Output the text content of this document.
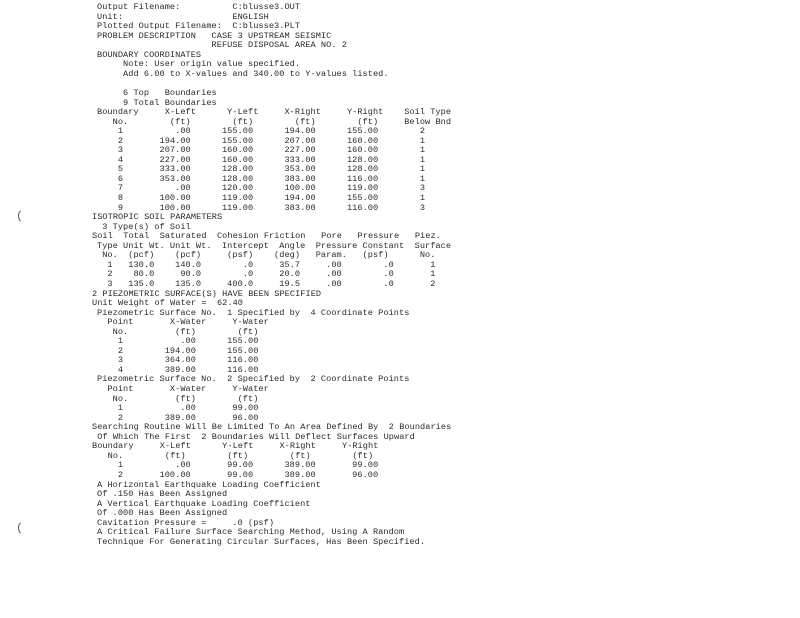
Output Filename:          C:blusse3.OUT
Unit:                     ENGLISH
Plotted Output Filename:  C:blusse3.PLT
PROBLEM DESCRIPTION   CASE 3 UPSTREAM SEISMIC
REFUSE DISPOSAL AREA NO. 2
BOUNDARY COORDINATES
Note: User origin value specified.
Add 6.00 to X-values and 340.00 to Y-values listed.
6 Top   Boundaries
9 Total Boundaries
Boundary     X-Left      Y-Left     X-Right     Y-Right    Soil Type
No.        (ft)        (ft)        (ft)        (ft)     Below Bnd
1          .00      155.00      194.00      155.00        2
2       194.00      155.00      207.00      160.00        1
3       207.00      160.00      227.00      160.00        1
4       227.00      160.00      333.00      128.00        1
5       333.00      128.00      353.00      128.00        1
6       353.00      128.00      383.00      116.00        1
7          .00      120.00      100.00      119.00        3
8       100.00      119.00      194.00      155.00        1
9       100.00      119.00      383.00      116.00        3
ISOTROPIC SOIL PARAMETERS
3 Type(s) of Soil
Soil  Total  Saturated  Cohesion Friction   Pore   Pressure   Piez.
Type Unit Wt. Unit Wt.  Intercept  Angle  Pressure Constant  Surface
No.  (pcf)    (pcf)     (psf)    (deg)   Param.   (psf)      No.
1   130.0    140.0        .0     35.7     .00        .0       1
2    80.0     90.0        .0     20.0     .00        .0       1
3   135.0    135.0     400.0     19.5     .00        .0       2
2 PIEZOMETRIC SURFACE(S) HAVE BEEN SPECIFIED
Unit Weight of Water =  62.40
Piezometric Surface No.  1 Specified by  4 Coordinate Points
Point       X-Water     Y-Water
No.         (ft)        (ft)
1           .00      155.00
2        194.00      155.00
3        364.00      116.00
4        389.00      116.00
Piezometric Surface No.  2 Specified by  2 Coordinate Points
Point       X-Water     Y-Water
No.         (ft)        (ft)
1           .00       99.00
2        389.00       96.00
Searching Routine Will Be Limited To An Area Defined By  2 Boundaries
Of Which The First  2 Boundaries Will Deflect Surfaces Upward
Boundary     X-Left      Y-Left     X-Right     Y-Right
No.        (ft)        (ft)        (ft)        (ft)
1          .00       99.00      389.00       99.00
2       100.00       99.00      389.00       96.00
A Horizontal Earthquake Loading Coefficient
Of .150 Has Been Assigned
A Vertical Earthquake Loading Coefficient
Of .000 Has Been Assigned
Cavitation Pressure =     .0 (psf)
A Critical Failure Surface Searching Method, Using A Random
Technique For Generating Circular Surfaces, Has Been Specified.
